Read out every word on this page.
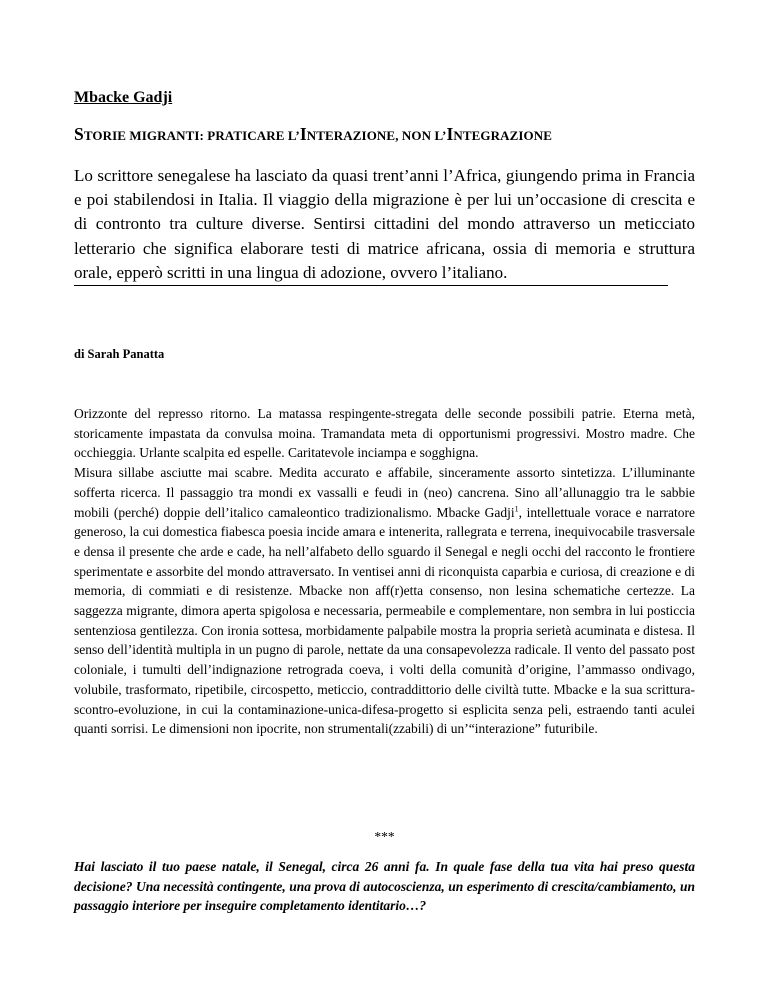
Mbacke Gadji
STORIE MIGRANTI: PRATICARE L’INTERAZIONE, NON L’INTEGRAZIONE

Lo scrittore senegalese ha lasciato da quasi trent’anni l’Africa, giungendo prima in Francia e poi stabilendosi in Italia. Il viaggio della migrazione è per lui un’occasione di crescita e di contronto tra culture diverse. Sentirsi cittadini del mondo attraverso un meticciato letterario che significa elaborare testi di matrice africana, ossia di memoria e struttura orale, epperò scritti in una lingua di adozione, ovvero l’italiano.

di Sarah Panatta

Orizzonte del represso ritorno. La matassa respingente-stregata delle seconde possibili patrie. Eterna metà, storicamente impastata da convulsa moina. Tramandata meta di opportunismi progressivi. Mostro madre. Che occhieggia. Urlante scalpita ed espelle. Caritatevole inciampa e sogghigna.

Misura sillabe asciutte mai scabre. Medita accurato e affabile, sinceramente assorto sintetizza. L’illuminante sofferta ricerca. Il passaggio tra mondi ex vassalli e feudi in (neo) cancrena. Sino all’allunaggio tra le sabbie mobili (perché) doppie dell’italico camaleontico tradizionalismo. Mbacke Gadji$^1$, intellettuale vorace e narratore generoso, la cui domestica fiabesca poesia incide amara e intenerita, rallegrata e terrena, inequivocabile trasversale e densa il presente che arde e cade, ha nell’alfabeto dello sguardo il Senegal e negli occhi del racconto le frontiere sperimentate e assorbite del mondo attraversato. In ventisei anni di riconquista caparbia e curiosa, di creazione e di memoria, di commiati e di resistenze. Mbacke non aff(r)etta consenso, non lesina schematiche certezze. La saggezza migrante, dimora aperta spigolosa e necessaria, permeabile e complementare, non sembra in lui posticcia sentenziosa gentilezza. Con ironia sottesa, morbidamente palpabile mostra la propria serietà acuminata e distesa. Il senso dell’identità multipla in un pugno di parole, nettate da una consapevolezza radicale. Il vento del passato post coloniale, i tumulti dell’indignazione retrograda coeva, i volti della comunità d’origine, l’ammasso ondivago, volubile, trasformato, ripetibile, circospetto, meticcio, contraddittorio delle civiltà tutte. Mbacke e la sua scrittura-scontro-evoluzione, in cui la contaminazione-unica-difesa-progetto si esplicita senza peli, estraendo tanti aculei quanti sorrisi. Le dimensioni non ipocrite, non strumentali(zzabili) di un’“interazione” futuribile.

***

Hai lasciato il tuo paese natale, il Senegal, circa 26 anni fa. In quale fase della tua vita hai preso questa decisione? Una necessità contingente, una prova di autocoscienza, un esperimento di crescita/cambiamento, un passaggio interiore per inseguire completamento identitario…?
